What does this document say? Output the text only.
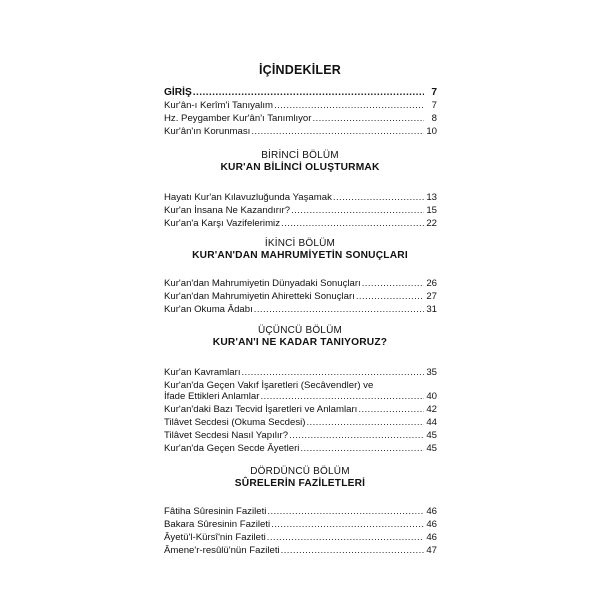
İÇİNDEKİLER
GİRİŞ .....	7
Kur'ân-ı Kerîm'i Tanıyalım .....	7
Hz. Peygamber Kur'ân'ı Tanımlıyor .....	8
Kur'ân'ın Korunması .....	10
BİRİNCİ BÖLÜM
KUR'AN BİLİNCİ OLUŞTURMAK
Hayatı Kur'an Kılavuzluğunda Yaşamak .....	13
Kur'an İnsana Ne Kazandırır? .....	15
Kur'an'a Karşı Vazifelerimiz .....	22
İKİNCİ BÖLÜM
KUR'AN'DAN MAHRUMİYETİN SONUÇLARI
Kur'an'dan Mahrumiyetin Dünyadaki Sonuçları .....	26
Kur'an'dan Mahrumiyetin Ahiretteki Sonuçları .....	27
Kur'an Okuma Âdabı .....	31
ÜÇÜNCÜ BÖLÜM
KUR'AN'I NE KADAR TANIYORUZ?
Kur'an Kavramları .....	35
Kur'an'da Geçen Vakıf İşaretleri (Secâvendler) ve
İfade Ettikleri Anlamlar .....	40
Kur'an'daki Bazı Tecvid İşaretleri ve Anlamları .....	42
Tilâvet Secdesi (Okuma Secdesi) .....	44
Tilâvet Secdesi Nasıl Yapılır? .....	45
Kur'an'da Geçen Secde Âyetleri .....	45
DÖRDÜNCÜ BÖLÜM
SÛRELERİN FAZİLETLERİ
Fâtiha Sûresinin Fazileti .....	46
Bakara Sûresinin Fazileti .....	46
Âyetü'l-Kürsî'nin Fazileti .....	46
Âmene'r-resûlü'nün Fazileti .....	47
